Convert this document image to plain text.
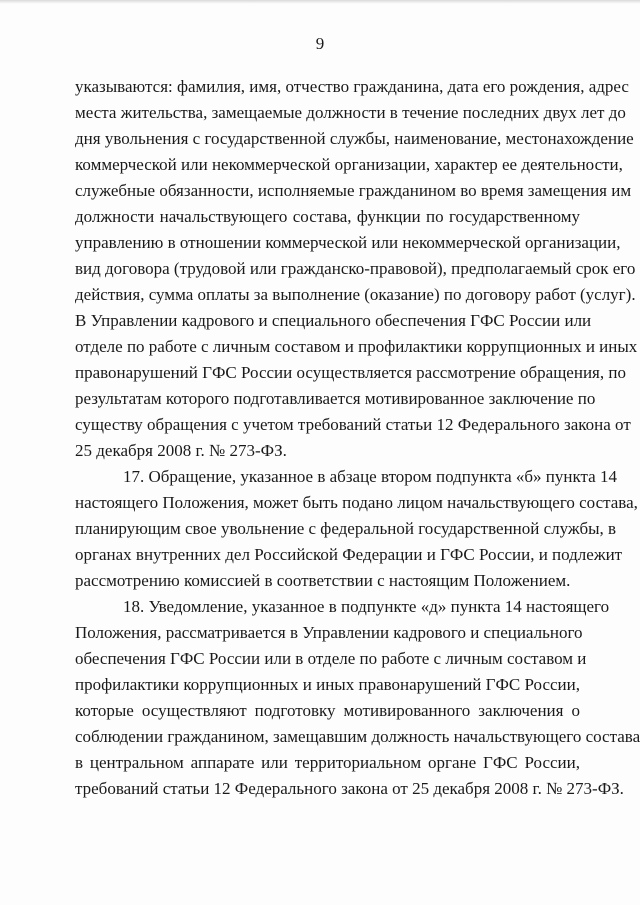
9
указываются: фамилия, имя, отчество гражданина, дата его рождения, адрес
места жительства, замещаемые должности в течение последних двух лет до
дня увольнения с государственной службы, наименование, местонахождение
коммерческой или некоммерческой организации, характер ее деятельности,
служебные обязанности, исполняемые гражданином во время замещения им
должности начальствующего состава, функции по государственному
управлению в отношении коммерческой или некоммерческой организации,
вид договора (трудовой или гражданско-правовой), предполагаемый срок его
действия, сумма оплаты за выполнение (оказание) по договору работ (услуг).
В Управлении кадрового и специального обеспечения ГФС России или
отделе по работе с личным составом и профилактики коррупционных и иных
правонарушений ГФС России осуществляется рассмотрение обращения, по
результатам которого подготавливается мотивированное заключение по
существу обращения с учетом требований статьи 12 Федерального закона от
25 декабря 2008 г. № 273-ФЗ.
17. Обращение, указанное в абзаце втором подпункта «б» пункта 14
настоящего Положения, может быть подано лицом начальствующего состава,
планирующим свое увольнение с федеральной государственной службы, в
органах внутренних дел Российской Федерации и ГФС России, и подлежит
рассмотрению комиссией в соответствии с настоящим Положением.
18. Уведомление, указанное в подпункте «д» пункта 14 настоящего
Положения, рассматривается в Управлении кадрового и специального
обеспечения ГФС России или в отделе по работе с личным составом и
профилактики коррупционных и иных правонарушений ГФС России,
которые осуществляют подготовку мотивированного заключения о
соблюдении гражданином, замещавшим должность начальствующего состава
в центральном аппарате или территориальном органе ГФС России,
требований статьи 12 Федерального закона от 25 декабря 2008 г. № 273-ФЗ.
